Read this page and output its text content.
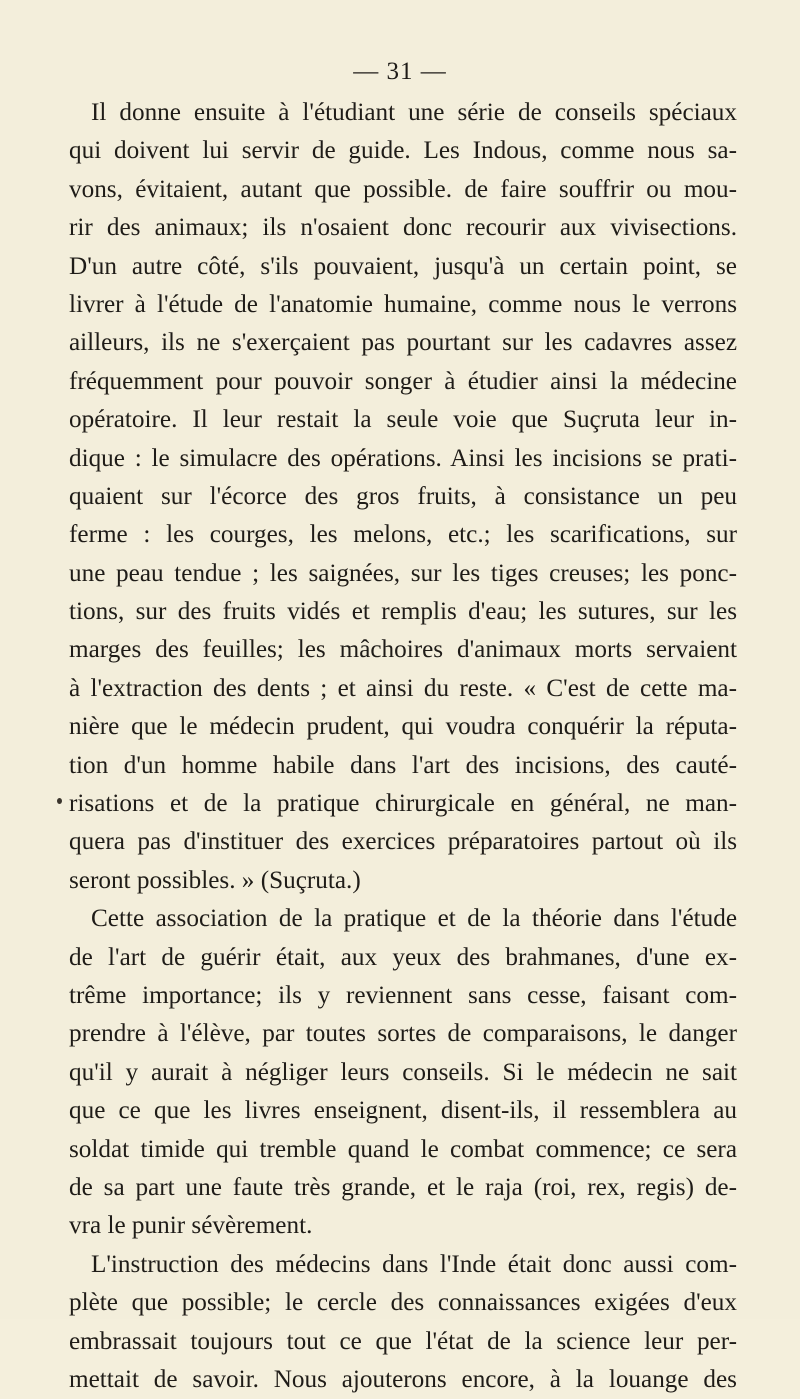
— 31 —
Il donne ensuite à l'étudiant une série de conseils spéciaux
qui doivent lui servir de guide. Les Indous, comme nous sa-
vons, évitaient, autant que possible. de faire souffrir ou mou-
rir des animaux; ils n'osaient donc recourir aux vivisections.
D'un autre côté, s'ils pouvaient, jusqu'à un certain point, se
livrer à l'étude de l'anatomie humaine, comme nous le verrons
ailleurs, ils ne s'exerçaient pas pourtant sur les cadavres assez
fréquemment pour pouvoir songer à étudier ainsi la médecine
opératoire. Il leur restait la seule voie que Suçruta leur in-
dique : le simulacre des opérations. Ainsi les incisions se prati-
quaient sur l'écorce des gros fruits, à consistance un peu
ferme : les courges, les melons, etc.; les scarifications, sur
une peau tendue ; les saignées, sur les tiges creuses; les ponc-
tions, sur des fruits vidés et remplis d'eau; les sutures, sur les
marges des feuilles; les mâchoires d'animaux morts servaient
à l'extraction des dents ; et ainsi du reste. « C'est de cette ma-
nière que le médecin prudent, qui voudra conquérir la réputa-
tion d'un homme habile dans l'art des incisions, des cauté-
risations et de la pratique chirurgicale en général, ne man-
quera pas d'instituer des exercices préparatoires partout où ils
seront possibles. » (Suçruta.)
Cette association de la pratique et de la théorie dans l'étude
de l'art de guérir était, aux yeux des brahmanes, d'une ex-
trême importance; ils y reviennent sans cesse, faisant com-
prendre à l'élève, par toutes sortes de comparaisons, le danger
qu'il y aurait à négliger leurs conseils. Si le médecin ne sait
que ce que les livres enseignent, disent-ils, il ressemblera au
soldat timide qui tremble quand le combat commence; ce sera
de sa part une faute très grande, et le raja (roi, rex, regis) de-
vra le punir sévèrement.
L'instruction des médecins dans l'Inde était donc aussi com-
plète que possible; le cercle des connaissances exigées d'eux
embrassait toujours tout ce que l'état de la science leur per-
mettait de savoir. Nous ajouterons encore, à la louange des
